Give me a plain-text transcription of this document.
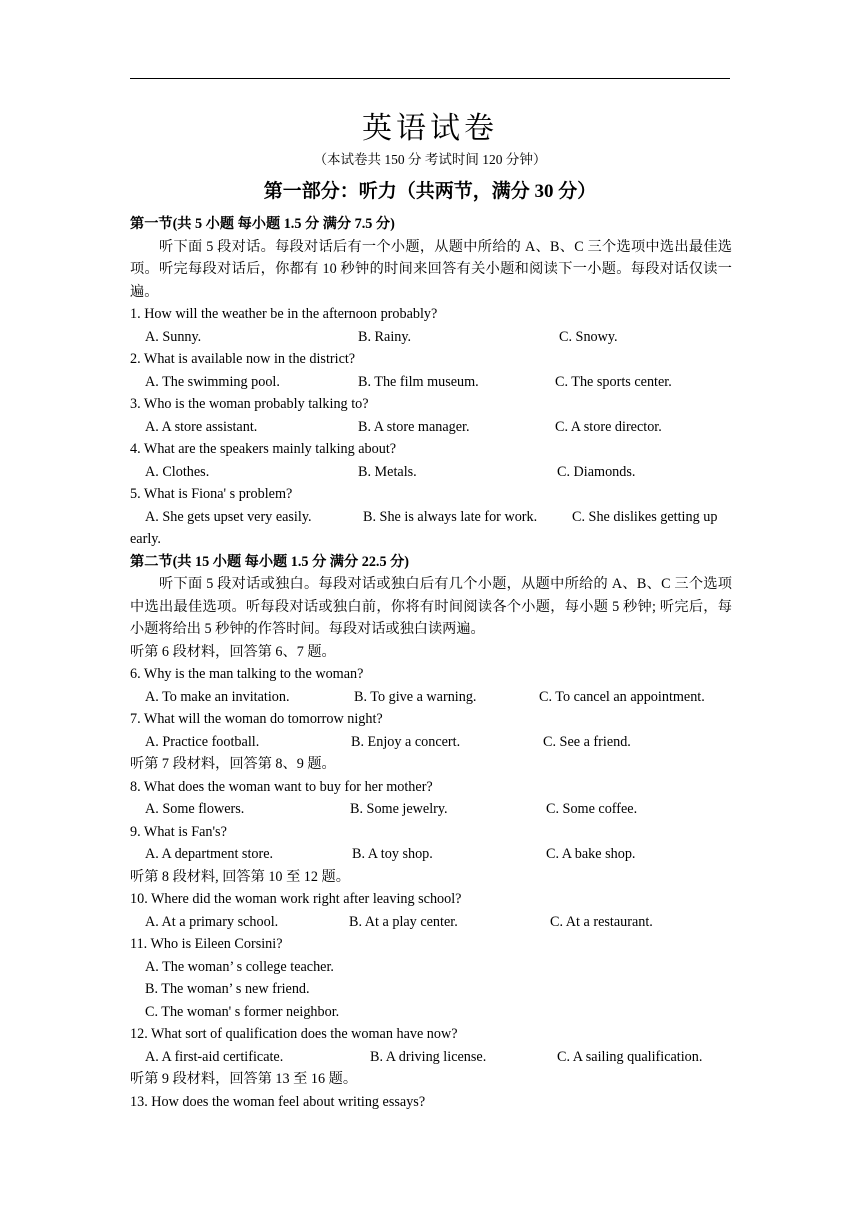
英语试卷
（本试卷共 150 分 考试时间 120 分钟）
第一部分：听力（共两节，满分 30 分）
第一节(共 5 小题 每小题 1.5 分 满分 7.5 分)
听下面 5 段对话。每段对话后有一个小题，从题中所给的 A、B、C 三个选项中选出最佳选项。听完每段对话后，你都有 10 秒钟的时间来回答有关小题和阅读下一小题。每段对话仅读一遍。
1. How will the weather be in the afternoon probably?
A. Sunny.	B. Rainy.	C. Snowy.
2. What is available now in the district?
A. The swimming pool.	B. The film museum.	C. The sports center.
3. Who is the woman probably talking to?
A. A store assistant.	B. A store manager.	C. A store director.
4. What are the speakers mainly talking about?
A. Clothes.	B. Metals.	C. Diamonds.
5. What is Fiona' s problem?
A. She gets upset very easily.	B. She is always late for work. C. She dislikes getting up
early.
第二节(共 15 小题 每小题 1.5 分 满分 22.5 分)
听下面 5 段对话或独白。每段对话或独白后有几个小题，从题中所给的 A、B、C 三个选项中选出最佳选项。听每段对话或独白前，你将有时间阅读各个小题，每小题 5 秒钟; 听完后，每小题将给出 5 秒钟的作答时间。每段对话或独白读两遍。
听第 6 段材料，回答第 6、7 题。
6. Why is the man talking to the woman?
A. To make an invitation.	B. To give a warning.	C. To cancel an appointment.
7. What will the woman do tomorrow night?
A. Practice football.	B. Enjoy a concert.	C. See a friend.
听第 7 段材料，回答第 8、9 题。
8. What does the woman want to buy for her mother?
A. Some flowers.	B. Some jewelry.	C. Some coffee.
9. What is Fan's?
A. A department store.	B. A toy shop.	C. A bake shop.
听第 8 段材料, 回答第 10 至 12 题。
10. Where did the woman work right after leaving school?
A. At a primary school.	B. At a play center.	C. At a restaurant.
11. Who is Eileen Corsini?
A. The woman’ s college teacher.
B. The woman’ s new friend.
C. The woman' s former neighbor.
12. What sort of qualification does the woman have now?
A. A first-aid certificate.	B. A driving license.	C. A sailing qualification.
听第 9 段材料，回答第 13 至 16 题。
13. How does the woman feel about writing essays?
